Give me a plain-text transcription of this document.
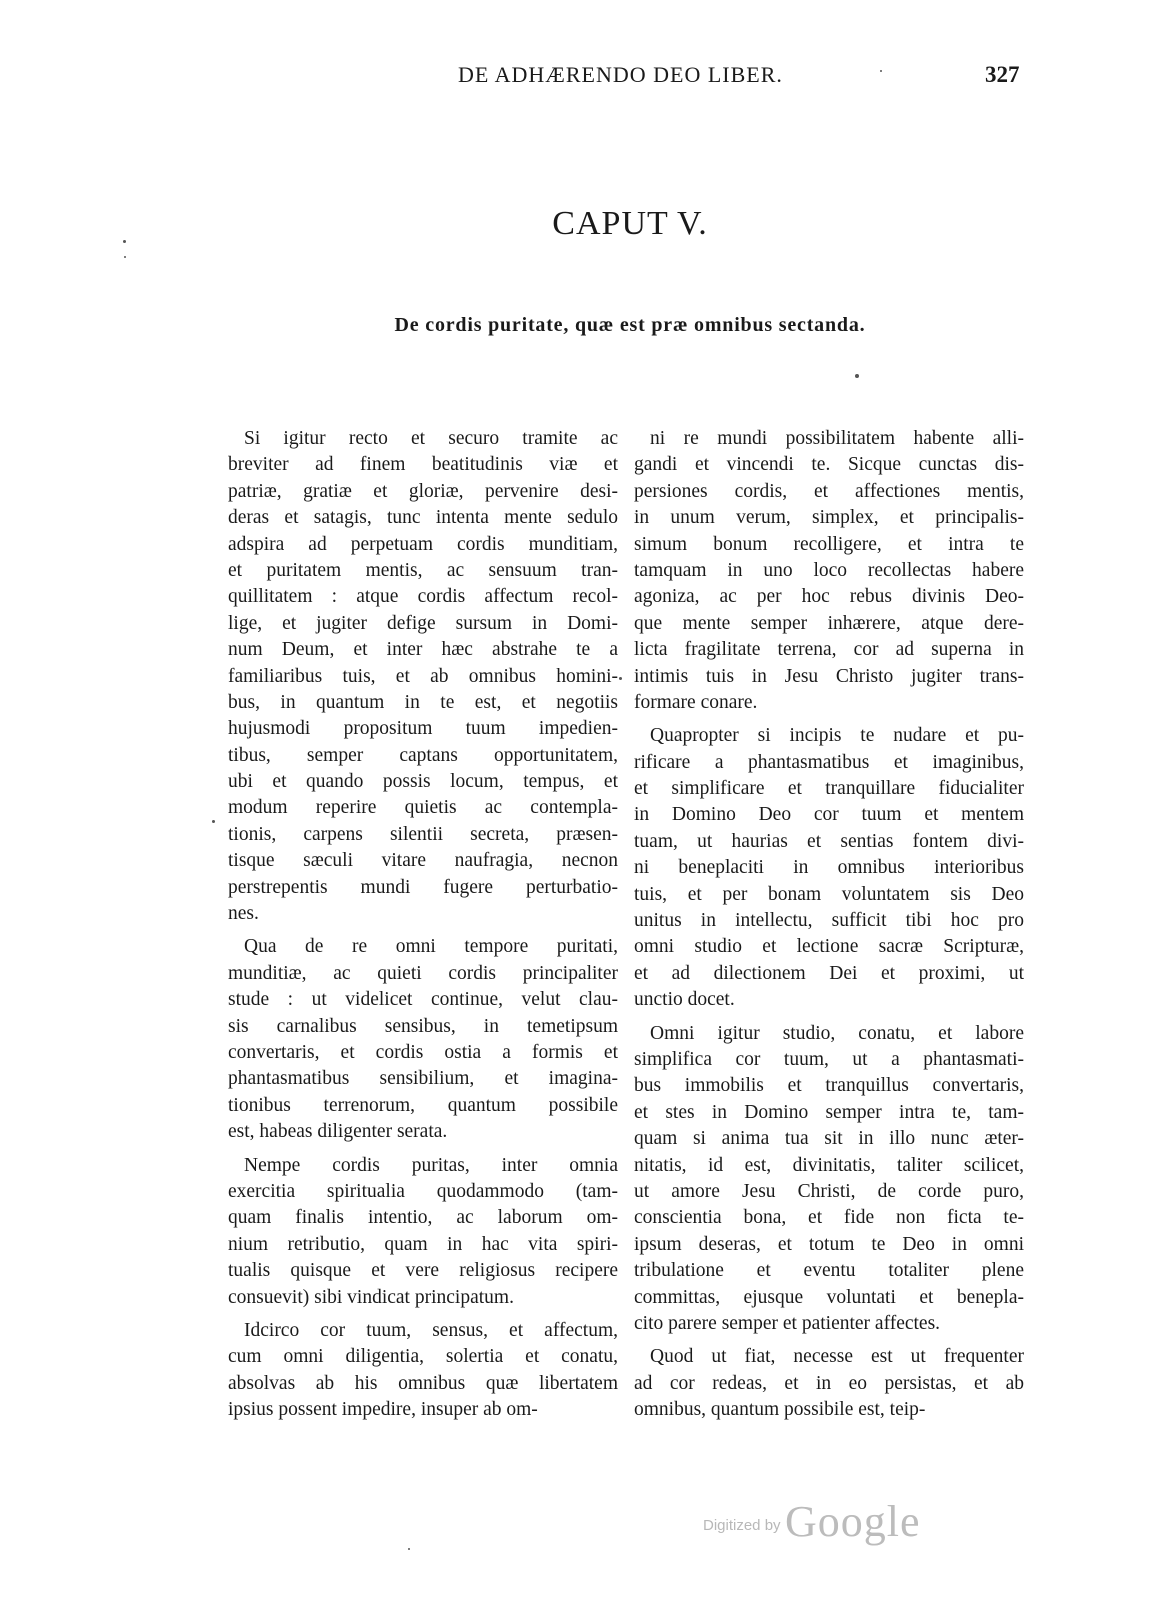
DE ADHÆRENDO DEO LIBER.	327
CAPUT V.
De cordis puritate, quæ est præ omnibus sectanda.
Si igitur recto et securo tramite ac
breviter ad finem beatitudinis viæ et
patriæ, gratiæ et gloriæ, pervenire desi-
deras et satagis, tunc intenta mente sedulo
adspira ad perpetuam cordis munditiam,
et puritatem mentis, ac sensuum tran-
quillitatem : atque cordis affectum recol-
lige, et jugiter defige sursum in Domi-
num Deum, et inter hæc abstrahe te a
familiaribus tuis, et ab omnibus homini-
bus, in quantum in te est, et negotiis
hujusmodi propositum tuum impedien-
tibus, semper captans opportunitatem,
ubi et quando possis locum, tempus, et
modum reperire quietis ac contempla-
tionis, carpens silentii secreta, præsen-
tisque sæculi vitare naufragia, necnon
perstrepentis mundi fugere perturbatio-
nes.
Qua de re omni tempore puritati,
munditiæ, ac quieti cordis principaliter
stude : ut videlicet continue, velut clau-
sis carnalibus sensibus, in temetipsum
convertaris, et cordis ostia a formis et
phantasmatibus sensibilium, et imagina-
tionibus terrenorum, quantum possibile
est, habeas diligenter serata.
Nempe cordis puritas, inter omnia
exercitia spiritualia quodammodo (tam-
quam finalis intentio, ac laborum om-
nium retributio, quam in hac vita spiri-
tualis quisque et vere religiosus recipere
consuevit) sibi vindicat principatum.
Idcirco cor tuum, sensus, et affectum,
cum omni diligentia, solertia et conatu,
absolvas ab his omnibus quæ libertatem
ipsius possent impedire, insuper ab om-
ni re mundi possibilitatem habente alli-
gandi et vincendi te. Sicque cunctas dis-
persiones cordis, et affectiones mentis,
in unum verum, simplex, et principalis-
simum bonum recolligere, et intra te
tamquam in uno loco recollectas habere
agoniza, ac per hoc rebus divinis Deo-
que mente semper inhærere, atque dere-
licta fragilitate terrena, cor ad superna in
intimis tuis in Jesu Christo jugiter trans-
formare conare.
Quapropter si incipis te nudare et pu-
rificare a phantasmatibus et imaginibus,
et simplificare et tranquillare fiducialiter
in Domino Deo cor tuum et mentem
tuam, ut haurias et sentias fontem divi-
ni beneplaciti in omnibus interioribus
tuis, et per bonam voluntatem sis Deo
unitus in intellectu, sufficit tibi hoc pro
omni studio et lectione sacræ Scripturæ,
et ad dilectionem Dei et proximi, ut
unctio docet.
Omni igitur studio, conatu, et labore
simplifica cor tuum, ut a phantasmati-
bus immobilis et tranquillus convertaris,
et stes in Domino semper intra te, tam-
quam si anima tua sit in illo nunc æter-
nitatis, id est, divinitatis, taliter scilicet,
ut amore Jesu Christi, de corde puro,
conscientia bona, et fide non ficta te-
ipsum deseras, et totum te Deo in omni
tribulatione et eventu totaliter plene
committas, ejusque voluntati et benepla-
cito parere semper et patienter affectes.
Quod ut fiat, necesse est ut frequenter
ad cor redeas, et in eo persistas, et ab
omnibus, quantum possibile est, teip-
Digitized by Google
